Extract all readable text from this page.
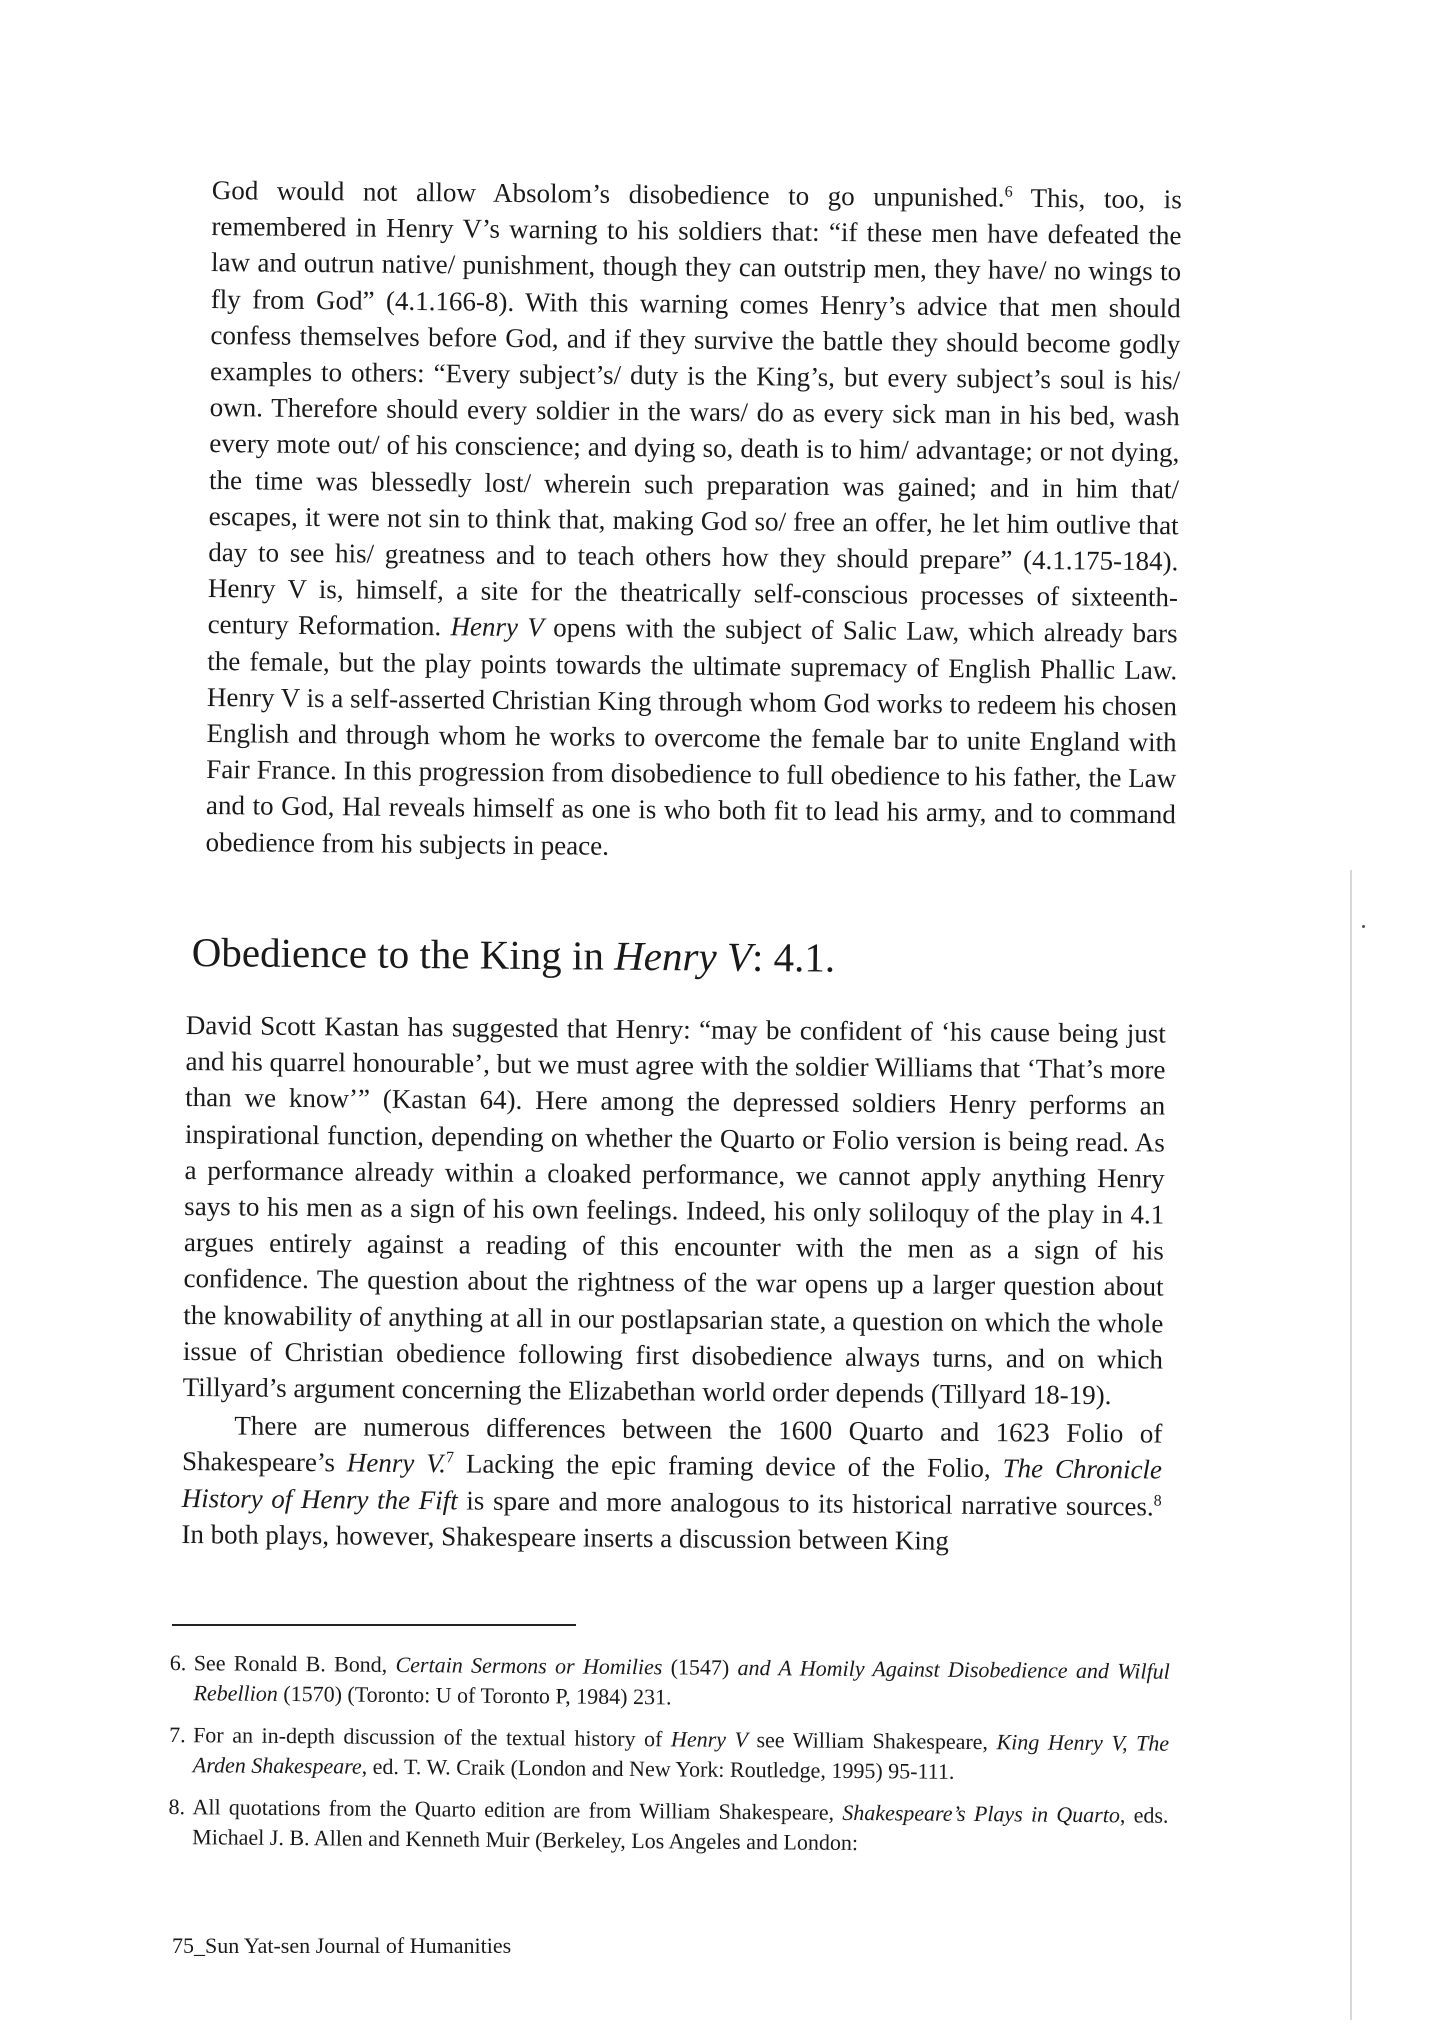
God would not allow Absolom’s disobedience to go unpunished.$^6$ This, too, is remembered in Henry V’s warning to his soldiers that: “if these men have defeated the law and outrun native/ punishment, though they can outstrip men, they have/ no wings to fly from God” (4.1.166-8). With this warning comes Henry’s advice that men should confess themselves before God, and if they survive the battle they should become godly examples to others: “Every subject’s/ duty is the King’s, but every subject’s soul is his/ own. Therefore should every soldier in the wars/ do as every sick man in his bed, wash every mote out/ of his conscience; and dying so, death is to him/ advantage; or not dying, the time was blessedly lost/ wherein such preparation was gained; and in him that/ escapes, it were not sin to think that, making God so/ free an offer, he let him outlive that day to see his/ greatness and to teach others how they should prepare” (4.1.175-184). Henry V is, himself, a site for the theatrically self-conscious processes of sixteenth-century Reformation. Henry V opens with the subject of Salic Law, which already bars the female, but the play points towards the ultimate supremacy of English Phallic Law. Henry V is a self-asserted Christian King through whom God works to redeem his chosen English and through whom he works to overcome the female bar to unite England with Fair France. In this progression from disobedience to full obedience to his father, the Law and to God, Hal reveals himself as one is who both fit to lead his army, and to command obedience from his subjects in peace.

Obedience to the King in Henry V: 4.1.

David Scott Kastan has suggested that Henry: “may be confident of ‘his cause being just and his quarrel honourable’, but we must agree with the soldier Williams that ‘That’s more than we know’” (Kastan 64). Here among the depressed soldiers Henry performs an inspirational function, depending on whether the Quarto or Folio version is being read. As a performance already within a cloaked performance, we cannot apply anything Henry says to his men as a sign of his own feelings. Indeed, his only soliloquy of the play in 4.1 argues entirely against a reading of this encounter with the men as a sign of his confidence. The question about the rightness of the war opens up a larger question about the knowability of anything at all in our postlapsarian state, a question on which the whole issue of Christian obedience following first disobedience always turns, and on which Tillyard’s argument concerning the Elizabethan world order depends (Tillyard 18-19).

There are numerous differences between the 1600 Quarto and 1623 Folio of Shakespeare’s Henry V.$^7$ Lacking the epic framing device of the Folio, The Chronicle History of Henry the Fift is spare and more analogous to its historical narrative sources.$^8$ In both plays, however, Shakespeare inserts a discussion between King

6. See Ronald B. Bond, Certain Sermons or Homilies (1547) and A Homily Against Disobedience and Wilful Rebellion (1570) (Toronto: U of Toronto P, 1984) 231.
7. For an in-depth discussion of the textual history of Henry V see William Shakespeare, King Henry V, The Arden Shakespeare, ed. T. W. Craik (London and New York: Routledge, 1995) 95-111.
8. All quotations from the Quarto edition are from William Shakespeare, Shakespeare’s Plays in Quarto, eds. Michael J. B. Allen and Kenneth Muir (Berkeley, Los Angeles and London:
75_Sun Yat-sen Journal of Humanities
